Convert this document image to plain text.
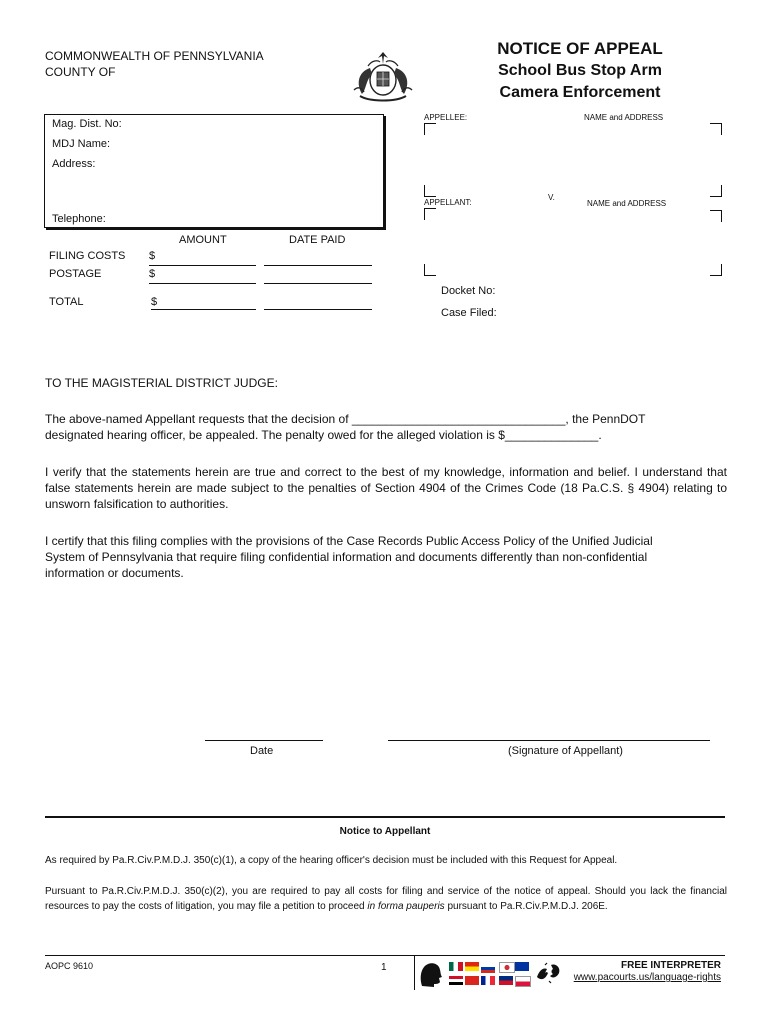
COMMONWEALTH OF PENNSYLVANIA
COUNTY OF
NOTICE OF APPEAL
School Bus Stop Arm
Camera Enforcement
Mag. Dist. No:
MDJ Name:
Address:
Telephone:
APPELLEE:	NAME and ADDRESS
V.
APPELLANT:	NAME and ADDRESS
Docket No:
Case Filed:
AMOUNT	DATE PAID
FILING COSTS $
POSTAGE	$
TOTAL	$
TO THE MAGISTERIAL DISTRICT JUDGE:
The above-named Appellant requests that the decision of ________________________________, the PennDOT
designated hearing officer, be appealed. The penalty owed for the alleged violation is $______________.
I verify that the statements herein are true and correct to the best of my knowledge, information and belief. I understand that false statements herein are made subject to the penalties of Section 4904 of the Crimes Code (18 Pa.C.S. § 4904) relating to unsworn falsification to authorities.
I certify that this filing complies with the provisions of the Case Records Public Access Policy of the Unified Judicial System of Pennsylvania that require filing confidential information and documents differently than non-confidential information or documents.
Date	(Signature of Appellant)
Notice to Appellant
As required by Pa.R.Civ.P.M.D.J. 350(c)(1), a copy of the hearing officer's decision must be included with this Request for Appeal.
Pursuant to Pa.R.Civ.P.M.D.J. 350(c)(2), you are required to pay all costs for filing and service of the notice of appeal. Should you lack the financial resources to pay the costs of litigation, you may file a petition to proceed in forma pauperis pursuant to Pa.R.Civ.P.M.D.J. 206E.
AOPC 9610	1	FREE INTERPRETER
www.pacourts.us/language-rights
